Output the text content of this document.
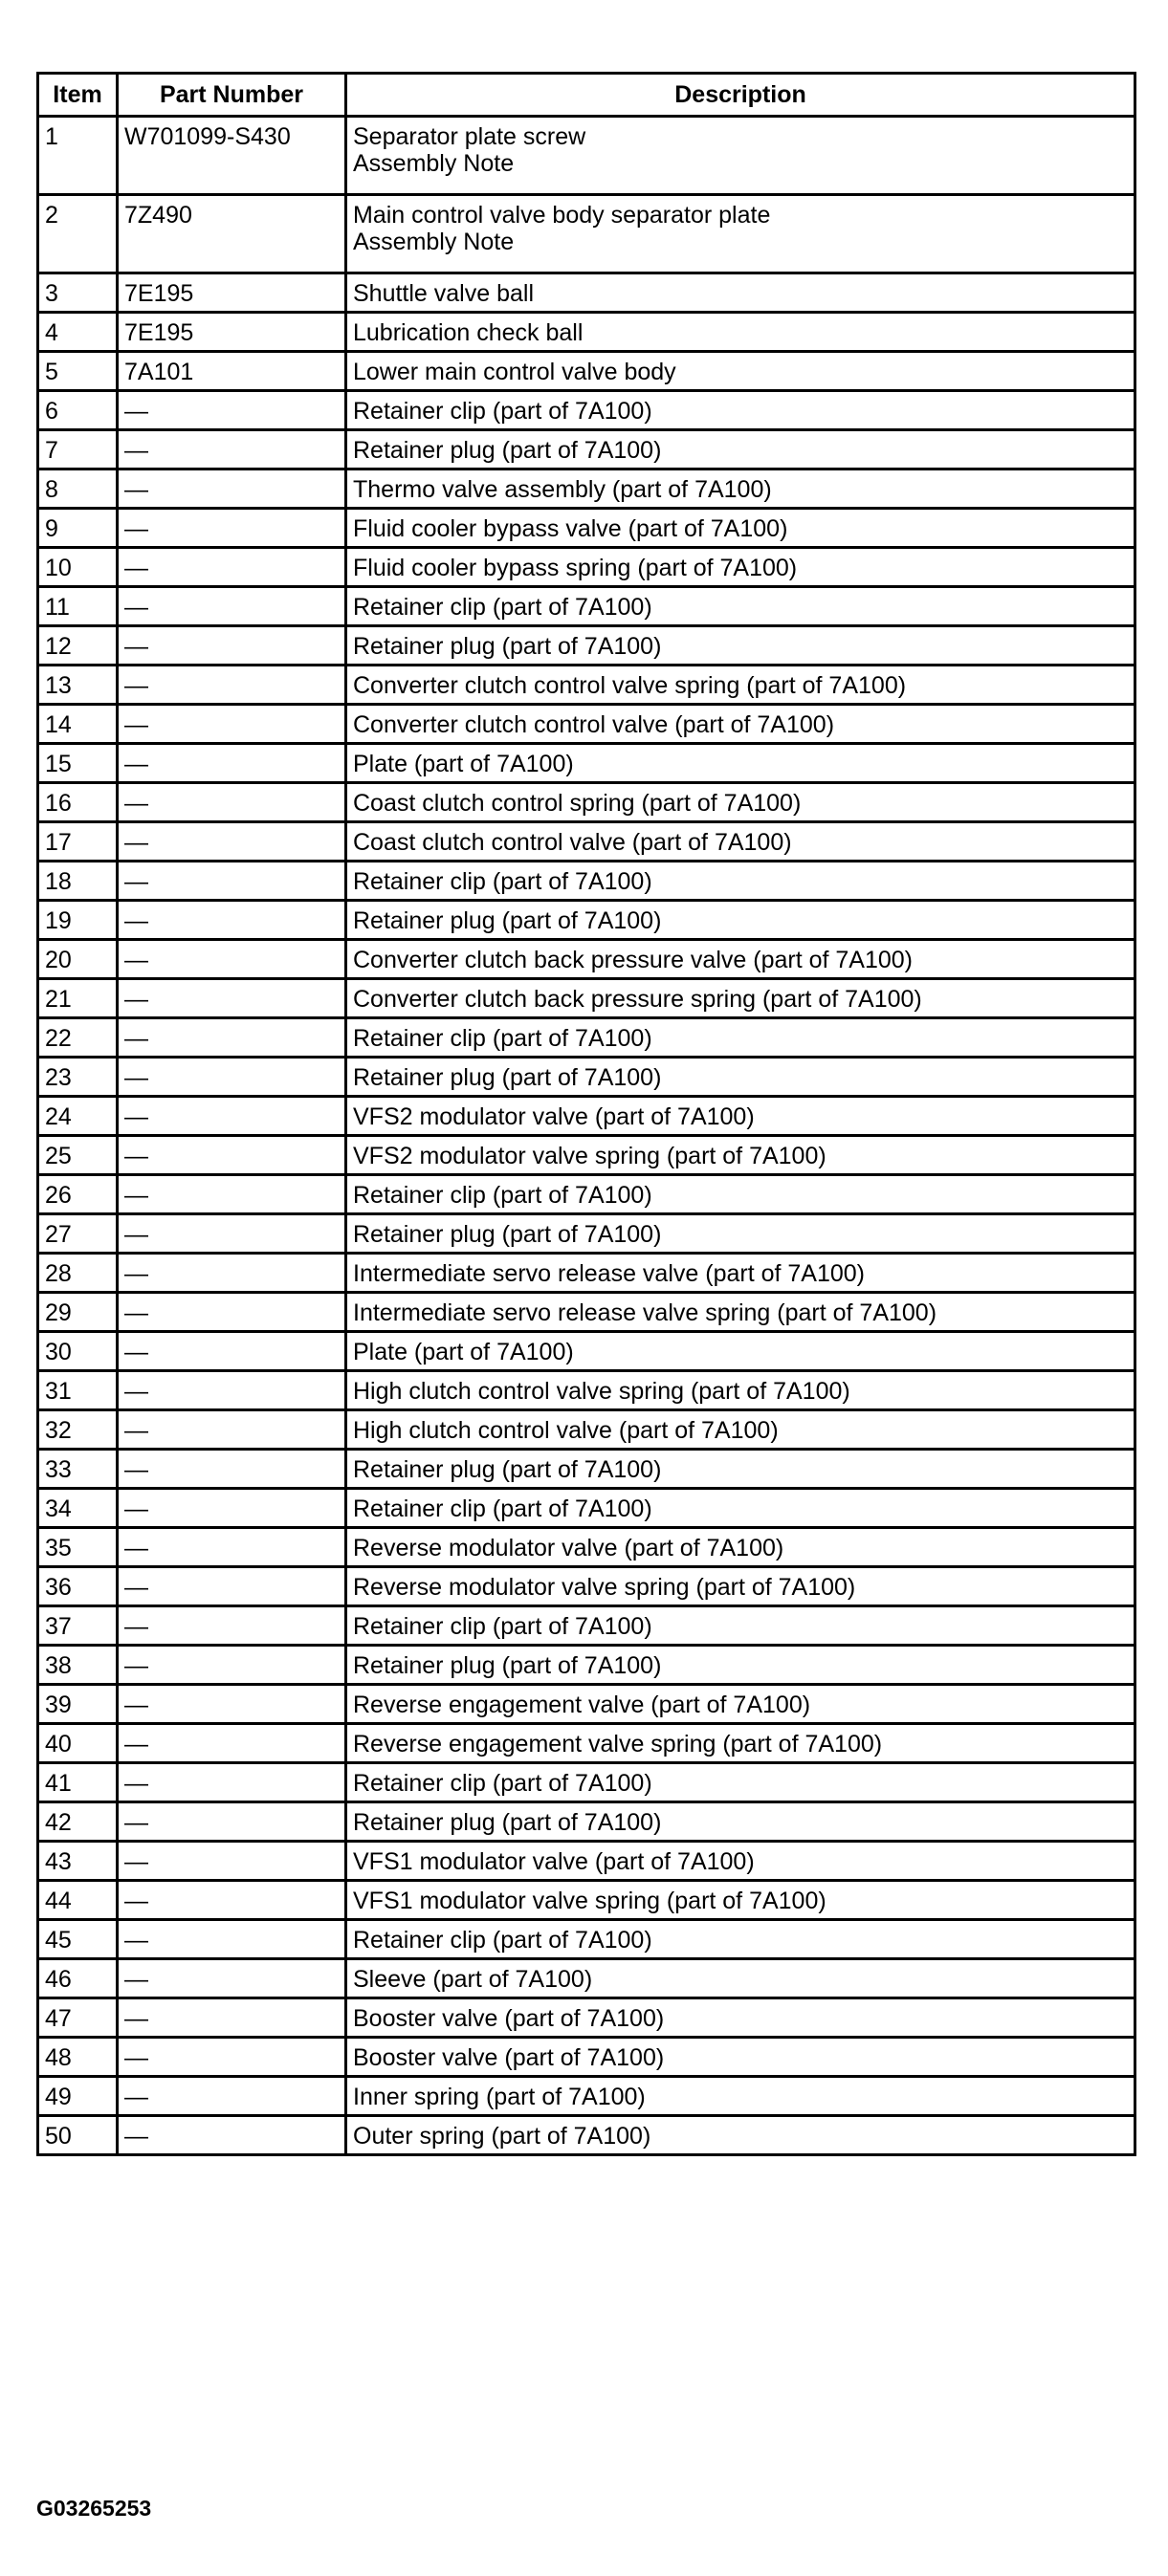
Item	Part Number	Description
1	W701099-S430	Separator plate screw
Assembly Note

2	7Z490	Main control valve body separator plate
Assembly Note

3	7E195	Shuttle valve ball

4	7E195	Lubrication check ball

5	7A101	Lower main control valve body

6	—	Retainer clip (part of 7A100)

7	—	Retainer plug (part of 7A100)

8	—	Thermo valve assembly (part of 7A100)

9	—	Fluid cooler bypass valve (part of 7A100)

10	—	Fluid cooler bypass spring (part of 7A100)

11	—	Retainer clip (part of 7A100)

12	—	Retainer plug (part of 7A100)

13	—	Converter clutch control valve spring (part of 7A100)

14	—	Converter clutch control valve (part of 7A100)

15	—	Plate (part of 7A100)

16	—	Coast clutch control spring (part of 7A100)

17	—	Coast clutch control valve (part of 7A100)

18	—	Retainer clip (part of 7A100)

19	—	Retainer plug (part of 7A100)

20	—	Converter clutch back pressure valve (part of 7A100)

21	—	Converter clutch back pressure spring (part of 7A100)

22	—	Retainer clip (part of 7A100)

23	—	Retainer plug (part of 7A100)

24	—	VFS2 modulator valve (part of 7A100)

25	—	VFS2 modulator valve spring (part of 7A100)

26	—	Retainer clip (part of 7A100)

27	—	Retainer plug (part of 7A100)

28	—	Intermediate servo release valve (part of 7A100)

29	—	Intermediate servo release valve spring (part of 7A100)

30	—	Plate (part of 7A100)

31	—	High clutch control valve spring (part of 7A100)

32	—	High clutch control valve (part of 7A100)

33	—	Retainer plug (part of 7A100)

34	—	Retainer clip (part of 7A100)

35	—	Reverse modulator valve (part of 7A100)

36	—	Reverse modulator valve spring (part of 7A100)

37	—	Retainer clip (part of 7A100)

38	—	Retainer plug (part of 7A100)

39	—	Reverse engagement valve (part of 7A100)

40	—	Reverse engagement valve spring (part of 7A100)

41	—	Retainer clip (part of 7A100)

42	—	Retainer plug (part of 7A100)

43	—	VFS1 modulator valve (part of 7A100)

44	—	VFS1 modulator valve spring (part of 7A100)

45	—	Retainer clip (part of 7A100)

46	—	Sleeve (part of 7A100)

47	—	Booster valve (part of 7A100)

48	—	Booster valve (part of 7A100)

49	—	Inner spring (part of 7A100)

50	—	Outer spring (part of 7A100)
G03265253
